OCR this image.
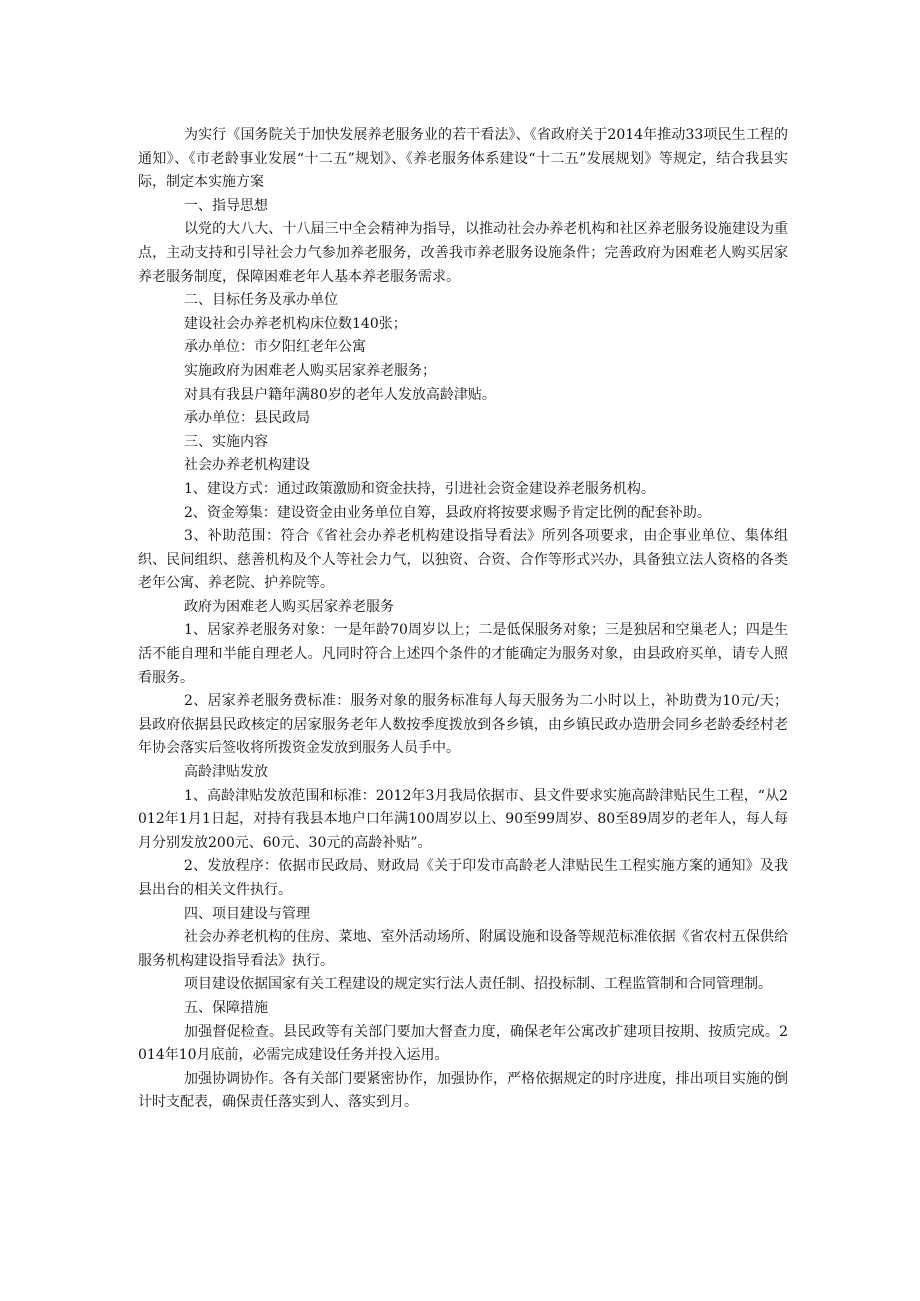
为实行《国务院关于加快发展养老服务业的若干看法》、《省政府关于2014年推动33项民生工程的通知》、《市老龄事业发展“十二五”规划》、《养老服务体系建设“十二五”发展规划》等规定，结合我县实际，制定本实施方案

一、指导思想

以党的大八大、十八届三中全会精神为指导，以推动社会办养老机构和社区养老服务设施建设为重点，主动支持和引导社会力气参加养老服务，改善我市养老服务设施条件；完善政府为困难老人购买居家养老服务制度，保障困难老年人基本养老服务需求。

二、目标任务及承办单位

建设社会办养老机构床位数140张；

承办单位：市夕阳红老年公寓

实施政府为困难老人购买居家养老服务；

对具有我县户籍年满80岁的老年人发放高龄津贴。

承办单位：县民政局

三、实施内容

社会办养老机构建设

1、建设方式：通过政策激励和资金扶持，引进社会资金建设养老服务机构。

2、资金筹集：建设资金由业务单位自筹，县政府将按要求赐予肯定比例的配套补助。

3、补助范围：符合《省社会办养老机构建设指导看法》所列各项要求，由企事业单位、集体组织、民间组织、慈善机构及个人等社会力气，以独资、合资、合作等形式兴办，具备独立法人资格的各类老年公寓、养老院、护养院等。

政府为困难老人购买居家养老服务

1、居家养老服务对象：一是年龄70周岁以上；二是低保服务对象；三是独居和空巢老人；四是生活不能自理和半能自理老人。凡同时符合上述四个条件的才能确定为服务对象，由县政府买单，请专人照看服务。

2、居家养老服务费标准：服务对象的服务标准每人每天服务为二小时以上，补助费为10元/天；县政府依据县民政核定的居家服务老年人数按季度拨放到各乡镇，由乡镇民政办造册会同乡老龄委经村老年协会落实后签收将所拨资金发放到服务人员手中。

高龄津贴发放

1、高龄津贴发放范围和标准：2012年3月我局依据市、县文件要求实施高龄津贴民生工程，“从2012年1月1日起，对持有我县本地户口年满100周岁以上、90至99周岁、80至89周岁的老年人，每人每月分别发放200元、60元、30元的高龄补贴”。

2、发放程序：依据市民政局、财政局《关于印发市高龄老人津贴民生工程实施方案的通知》及我县出台的相关文件执行。

四、项目建设与管理

社会办养老机构的住房、菜地、室外活动场所、附属设施和设备等规范标准依据《省农村五保供给服务机构建设指导看法》执行。

项目建设依据国家有关工程建设的规定实行法人责任制、招投标制、工程监管制和合同管理制。

五、保障措施

加强督促检查。县民政等有关部门要加大督查力度，确保老年公寓改扩建项目按期、按质完成。2014年10月底前，必需完成建设任务并投入运用。

加强协调协作。各有关部门要紧密协作，加强协作，严格依据规定的时序进度，排出项目实施的倒计时支配表，确保责任落实到人、落实到月。
